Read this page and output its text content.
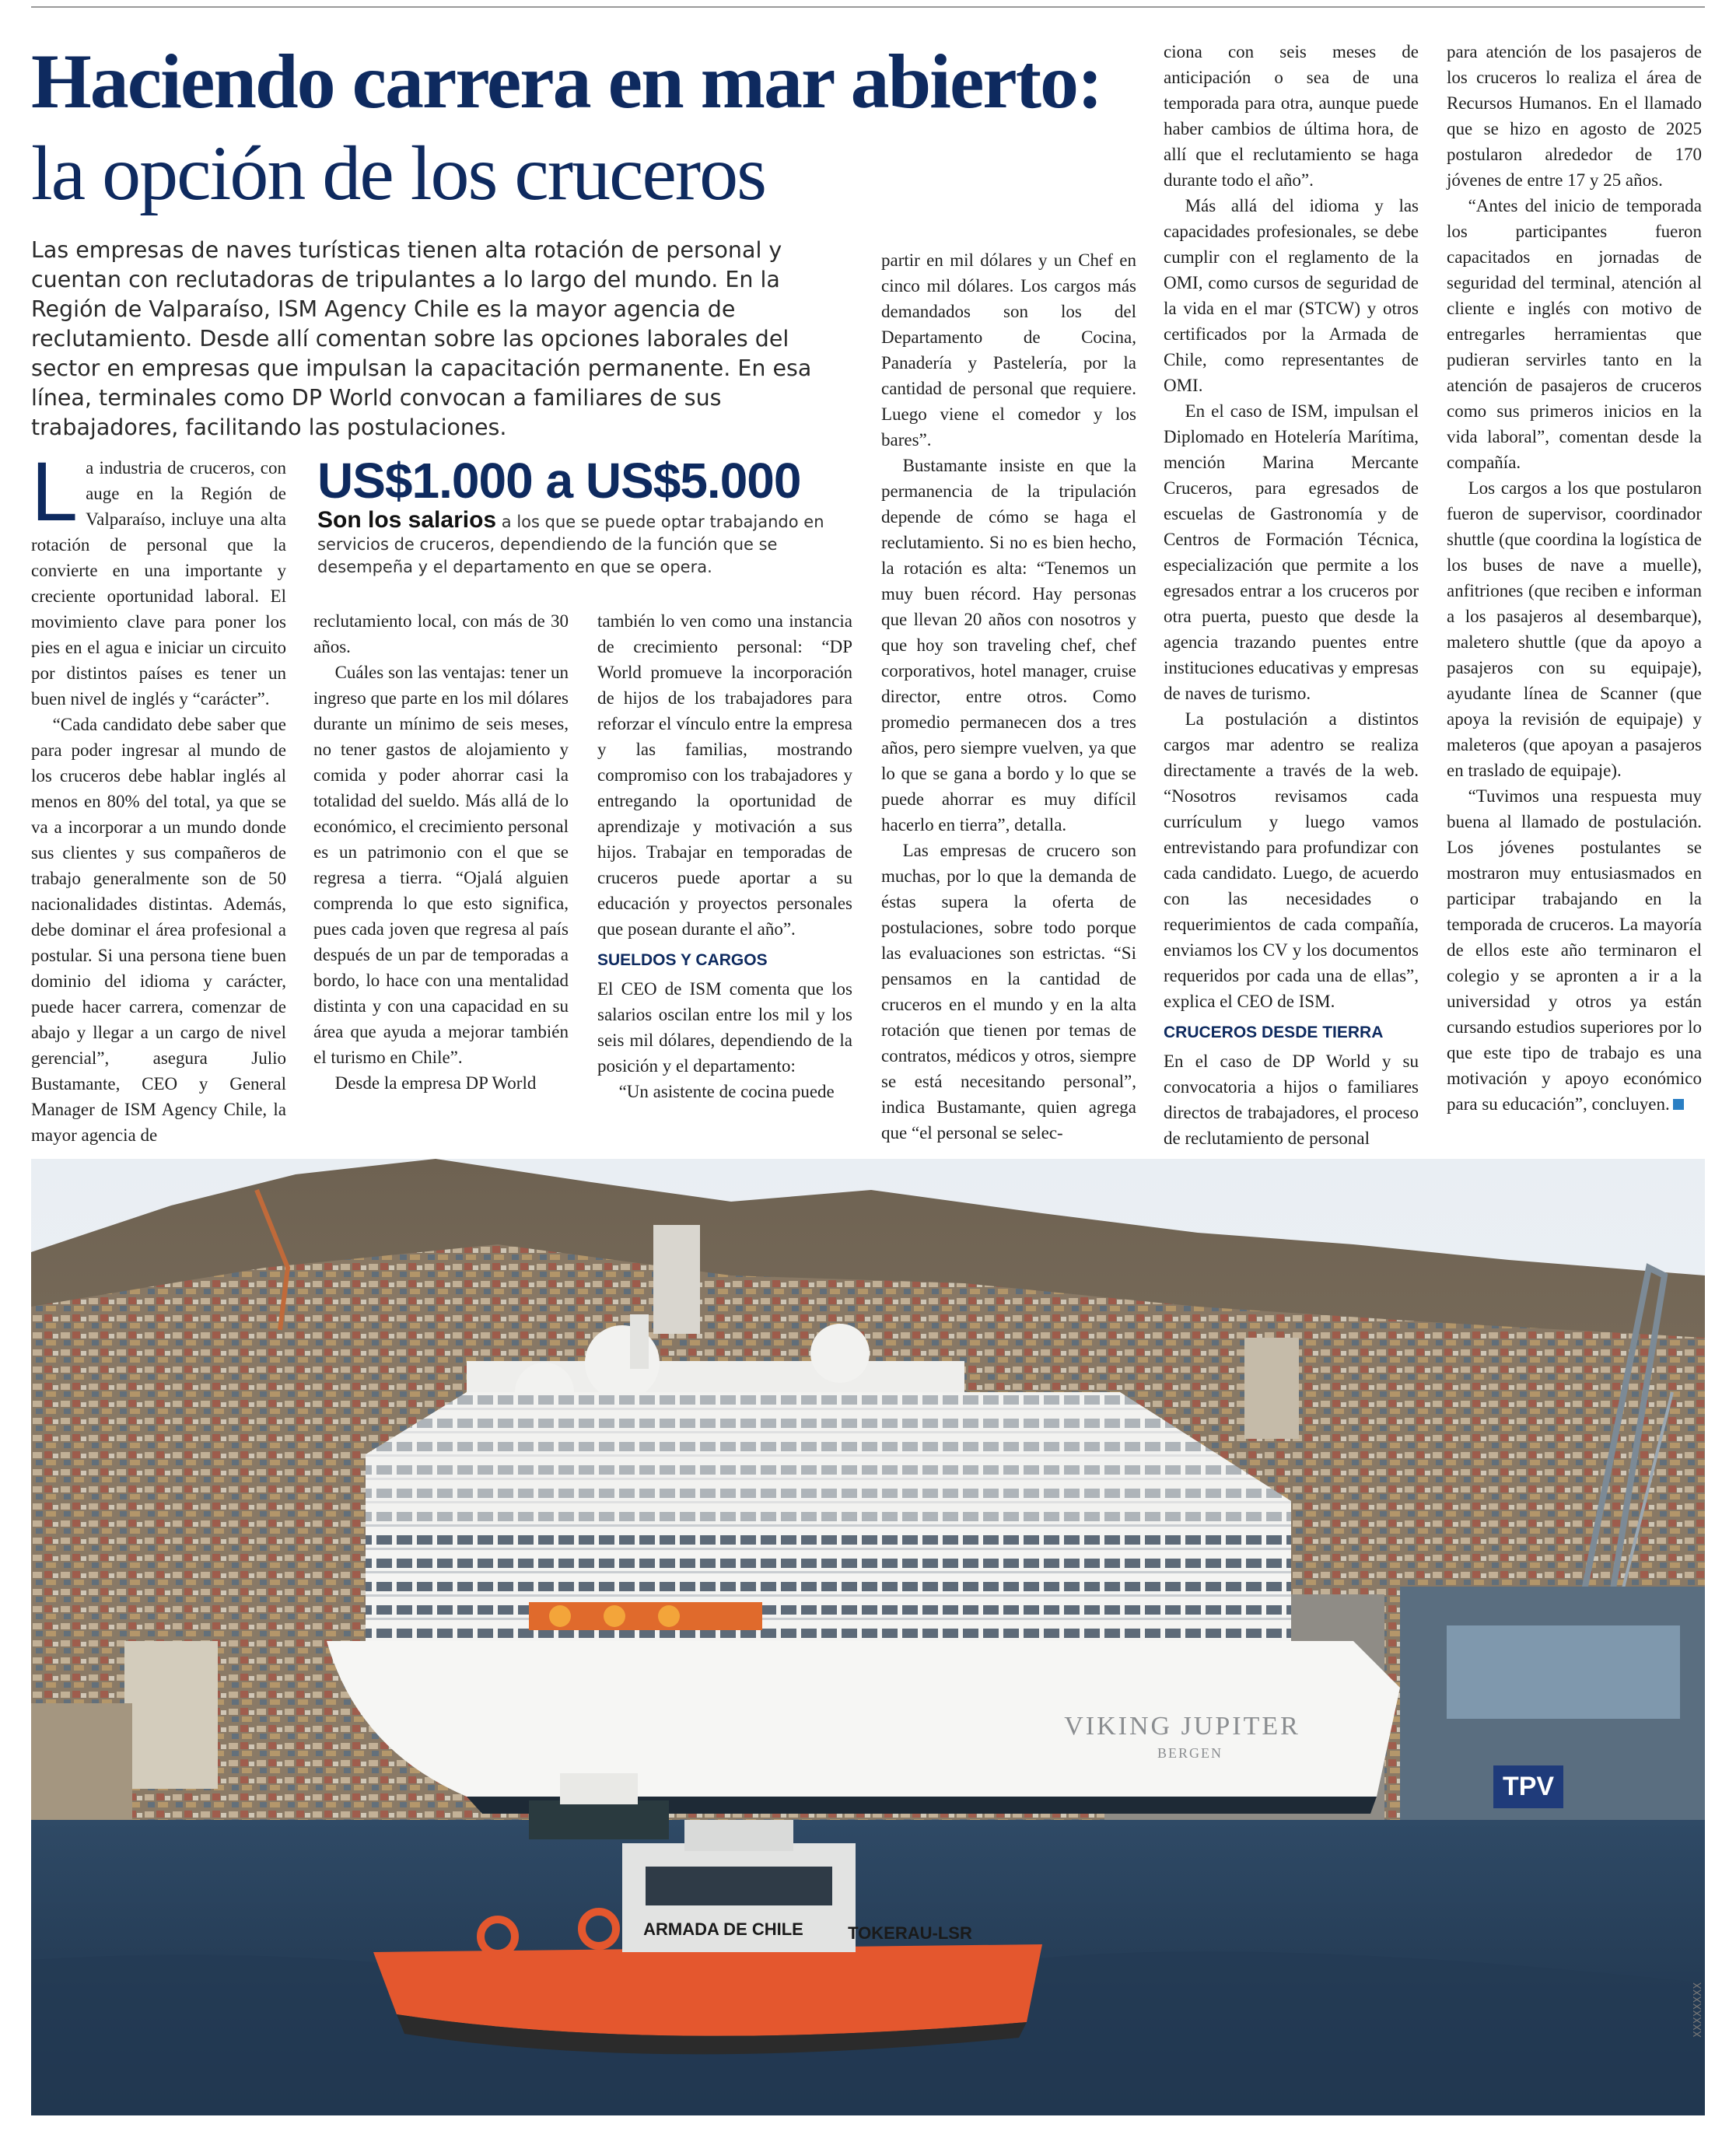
Haciendo carrera en mar abierto: la opción de los cruceros

Las empresas de naves turísticas tienen alta rotación de personal y cuentan con reclutadoras de tripulantes a lo largo del mundo. En la Región de Valparaíso, ISM Agency Chile es la mayor agencia de reclutamiento. Desde allí comentan sobre las opciones laborales del sector en empresas que impulsan la capacitación permanente. En esa línea, terminales como DP World convocan a familiares de sus trabajadores, facilitando las postulaciones.

La industria de cruceros, con auge en la Región de Valparaíso, incluye una alta rotación de personal que la convierte en una importante y creciente oportunidad laboral. El movimiento clave para poner los pies en el agua e iniciar un circuito por distintos países es tener un buen nivel de inglés y “carácter”.

“Cada candidato debe saber que para poder ingresar al mundo de los cruceros debe hablar inglés al menos en 80% del total, ya que se va a incorporar a un mundo donde sus clientes y sus compañeros de trabajo generalmente son de 50 nacionalidades distintas. Además, debe dominar el área profesional a postular. Si una persona tiene buen dominio del idioma y carácter, puede hacer carrera, comenzar de abajo y llegar a un cargo de nivel gerencial”, asegura Julio Bustamante, CEO y General Manager de ISM Agency Chile, la mayor agencia de

US$1.000 a US$5.000
Son los salarios a los que se puede optar trabajando en servicios de cruceros, dependiendo de la función que se desempeña y el departamento en que se opera.

reclutamiento local, con más de 30 años.

Cuáles son las ventajas: tener un ingreso que parte en los mil dólares durante un mínimo de seis meses, no tener gastos de alojamiento y comida y poder ahorrar casi la totalidad del sueldo. Más allá de lo económico, el crecimiento personal es un patrimonio con el que se regresa a tierra. “Ojalá alguien comprenda lo que esto significa, pues cada joven que regresa al país después de un par de temporadas a bordo, lo hace con una mentalidad distinta y con una capacidad en su área que ayuda a mejorar también el turismo en Chile”.

Desde la empresa DP World

también lo ven como una instancia de crecimiento personal: “DP World promueve la incorporación de hijos de los trabajadores para reforzar el vínculo entre la empresa y las familias, mostrando compromiso con los trabajadores y entregando la oportunidad de aprendizaje y motivación a sus hijos. Trabajar en temporadas de cruceros puede aportar a su educación y proyectos personales que posean durante el año”.

SUELDOS Y CARGOS

El CEO de ISM comenta que los salarios oscilan entre los mil y los seis mil dólares, dependiendo de la posición y el departamento:

“Un asistente de cocina puede

partir en mil dólares y un Chef en cinco mil dólares. Los cargos más demandados son los del Departamento de Cocina, Panadería y Pastelería, por la cantidad de personal que requiere. Luego viene el comedor y los bares”.

Bustamante insiste en que la permanencia de la tripulación depende de cómo se haga el reclutamiento. Si no es bien hecho, la rotación es alta: “Tenemos un muy buen récord. Hay personas que llevan 20 años con nosotros y que hoy son traveling chef, chef corporativos, hotel manager, cruise director, entre otros. Como promedio permanecen dos a tres años, pero siempre vuelven, ya que lo que se gana a bordo y lo que se puede ahorrar es muy difícil hacerlo en tierra”, detalla.

Las empresas de crucero son muchas, por lo que la demanda de éstas supera la oferta de postulaciones, sobre todo porque las evaluaciones son estrictas. “Si pensamos en la cantidad de cruceros en el mundo y en la alta rotación que tienen por temas de contratos, médicos y otros, siempre se está necesitando personal”, indica Bustamante, quien agrega que “el personal se selec-

ciona con seis meses de anticipación o sea de una temporada para otra, aunque puede haber cambios de última hora, de allí que el reclutamiento se haga durante todo el año”.

Más allá del idioma y las capacidades profesionales, se debe cumplir con el reglamento de la OMI, como cursos de seguridad de la vida en el mar (STCW) y otros certificados por la Armada de Chile, como representantes de OMI.

En el caso de ISM, impulsan el Diplomado en Hotelería Marítima, mención Marina Mercante Cruceros, para egresados de escuelas de Gastronomía y de Centros de Formación Técnica, especialización que permite a los egresados entrar a los cruceros por otra puerta, puesto que desde la agencia trazando puentes entre instituciones educativas y empresas de naves de turismo.

La postulación a distintos cargos mar adentro se realiza directamente a través de la web. “Nosotros revisamos cada currículum y luego vamos entrevistando para profundizar con cada candidato. Luego, de acuerdo con las necesidades o requerimientos de cada compañía, enviamos los CV y los documentos requeridos por cada una de ellas”, explica el CEO de ISM.

CRUCEROS DESDE TIERRA

En el caso de DP World y su convocatoria a hijos o familiares directos de trabajadores, el proceso de reclutamiento de personal

para atención de los pasajeros de los cruceros lo realiza el área de Recursos Humanos. En el llamado que se hizo en agosto de 2025 postularon alrededor de 170 jóvenes de entre 17 y 25 años.

“Antes del inicio de temporada los participantes fueron capacitados en jornadas de seguridad del terminal, atención al cliente e inglés con motivo de entregarles herramientas que pudieran servirles tanto en la atención de pasajeros de cruceros como sus primeros inicios en la vida laboral”, comentan desde la compañía.

Los cargos a los que postularon fueron de supervisor, coordinador shuttle (que coordina la logística de los buses de nave a muelle), anfitriones (que reciben e informan a los pasajeros al desembarque), maletero shuttle (que da apoyo a pasajeros con su equipaje), ayudante línea de Scanner (que apoya la revisión de equipaje) y maleteros (que apoyan a pasajeros en traslado de equipaje).

“Tuvimos una respuesta muy buena al llamado de postulación. Los jóvenes postulantes se mostraron muy entusiasmados en participar trabajando en la temporada de cruceros. La mayoría de ellos este año terminaron el colegio y se apronten a ir a la universidad y otros ya están cursando estudios superiores por lo que este tipo de trabajo es una motivación y apoyo económico para su educación”, concluyen.

TPV
VIKING JUPITER
BERGEN
ARMADA DE CHILE	TOKERAU-LSR
XXXXXXXX
